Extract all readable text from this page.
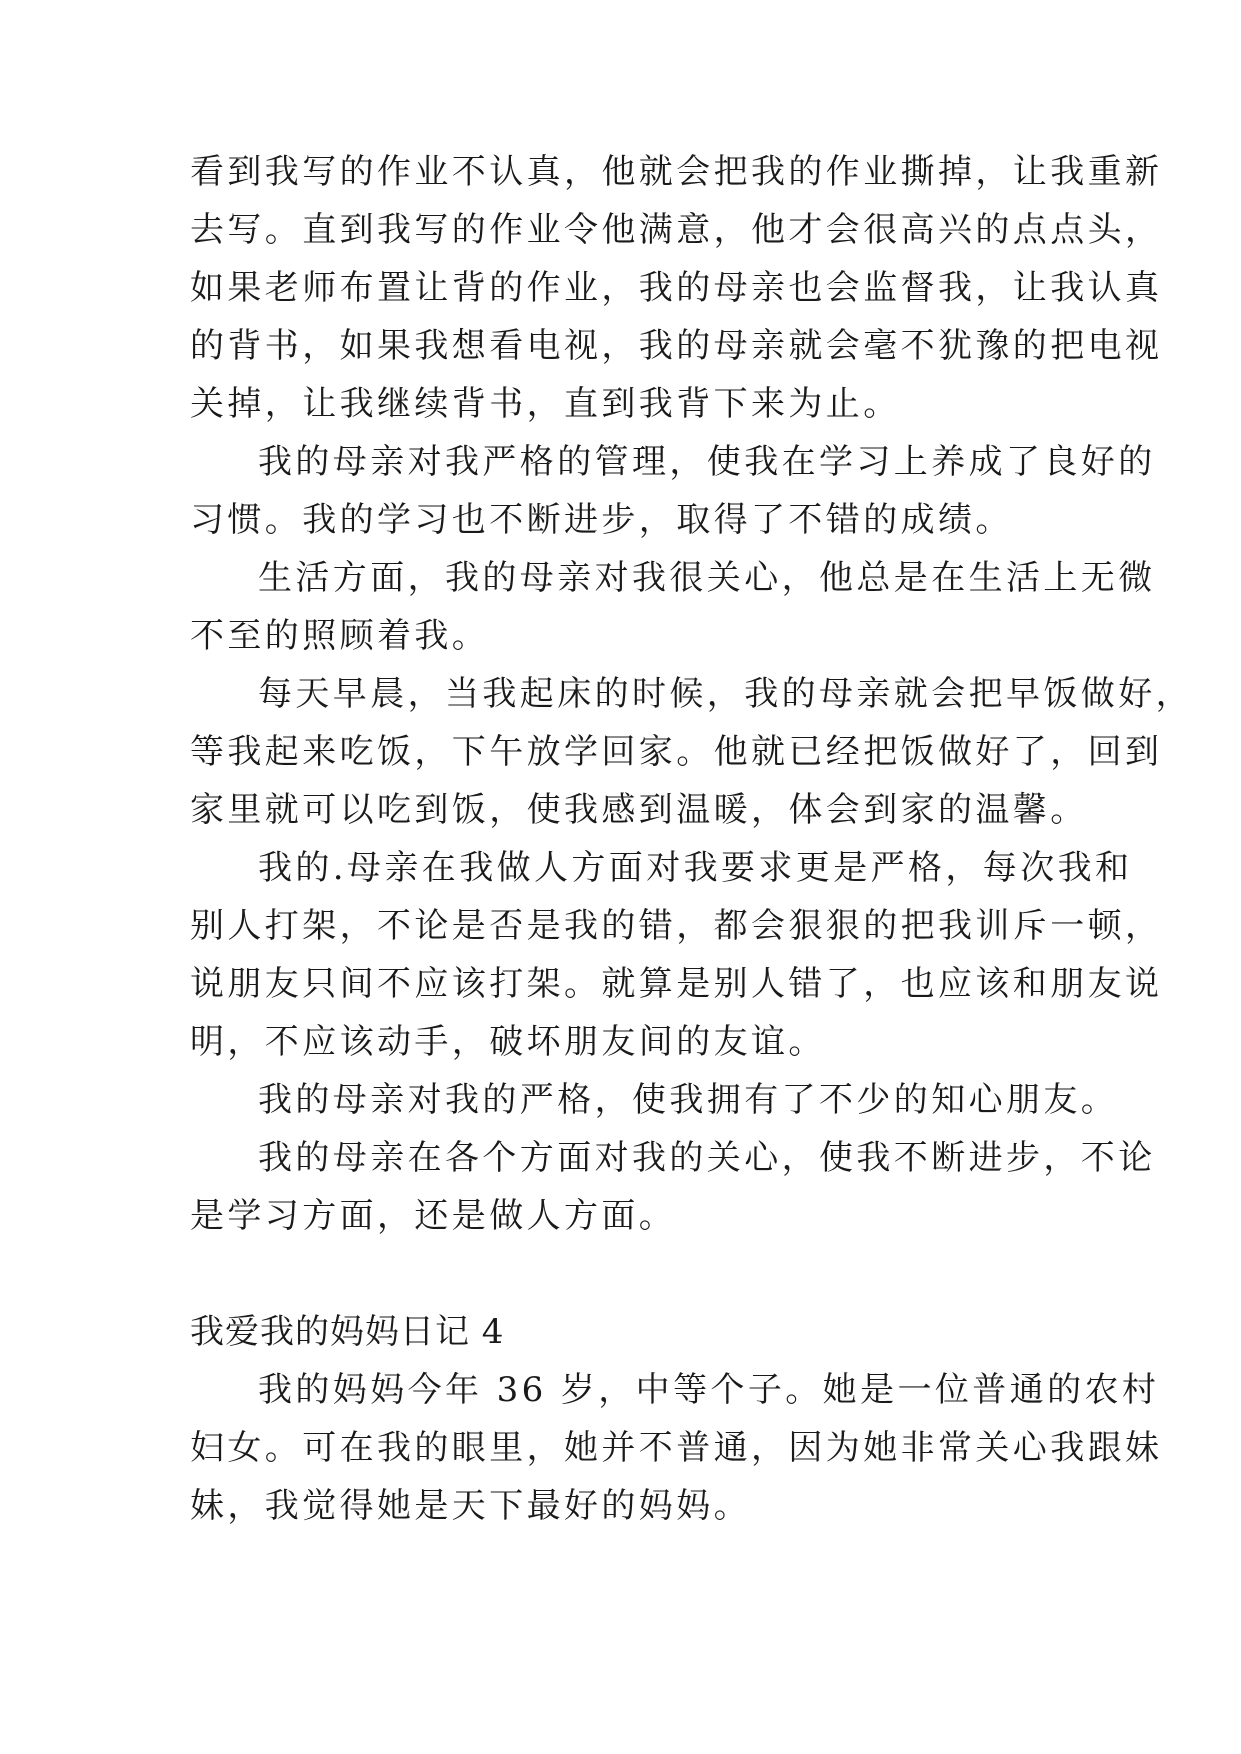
看到我写的作业不认真，他就会把我的作业撕掉，让我重新
去写。直到我写的作业令他满意，他才会很高兴的点点头，
如果老师布置让背的作业，我的母亲也会监督我，让我认真
的背书，如果我想看电视，我的母亲就会毫不犹豫的把电视
关掉，让我继续背书，直到我背下来为止。
我的母亲对我严格的管理，使我在学习上养成了良好的
习惯。我的学习也不断进步，取得了不错的成绩。
生活方面，我的母亲对我很关心，他总是在生活上无微
不至的照顾着我。
每天早晨，当我起床的时候，我的母亲就会把早饭做好，
等我起来吃饭，下午放学回家。他就已经把饭做好了，回到
家里就可以吃到饭，使我感到温暖，体会到家的温馨。
我的.母亲在我做人方面对我要求更是严格，每次我和
别人打架，不论是否是我的错，都会狠狠的把我训斥一顿，
说朋友只间不应该打架。就算是别人错了，也应该和朋友说
明，不应该动手，破坏朋友间的友谊。
我的母亲对我的严格，使我拥有了不少的知心朋友。
我的母亲在各个方面对我的关心，使我不断进步，不论
是学习方面，还是做人方面。
我爱我的妈妈日记 4
我的妈妈今年 36 岁，中等个子。她是一位普通的农村
妇女。可在我的眼里，她并不普通，因为她非常关心我跟妹
妹，我觉得她是天下最好的妈妈。
